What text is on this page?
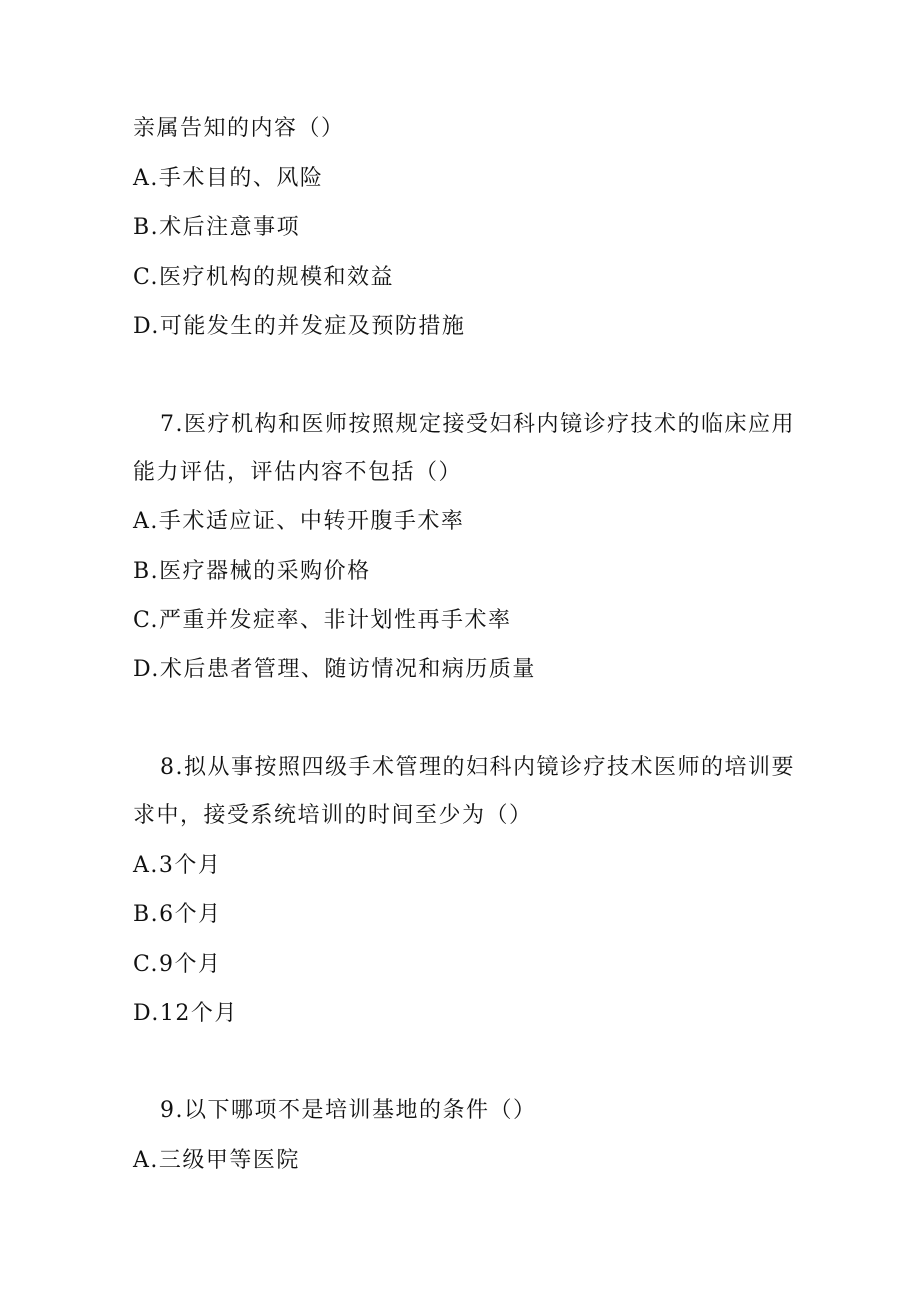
亲属告知的内容（）
A.手术目的、风险
B.术后注意事项
C.医疗机构的规模和效益
D.可能发生的并发症及预防措施
7.医疗机构和医师按照规定接受妇科内镜诊疗技术的临床应用
能力评估，评估内容不包括（）
A.手术适应证、中转开腹手术率
B.医疗器械的采购价格
C.严重并发症率、非计划性再手术率
D.术后患者管理、随访情况和病历质量
8.拟从事按照四级手术管理的妇科内镜诊疗技术医师的培训要
求中，接受系统培训的时间至少为（）
A.3个月
B.6个月
C.9个月
D.12个月
9.以下哪项不是培训基地的条件（）
A.三级甲等医院
